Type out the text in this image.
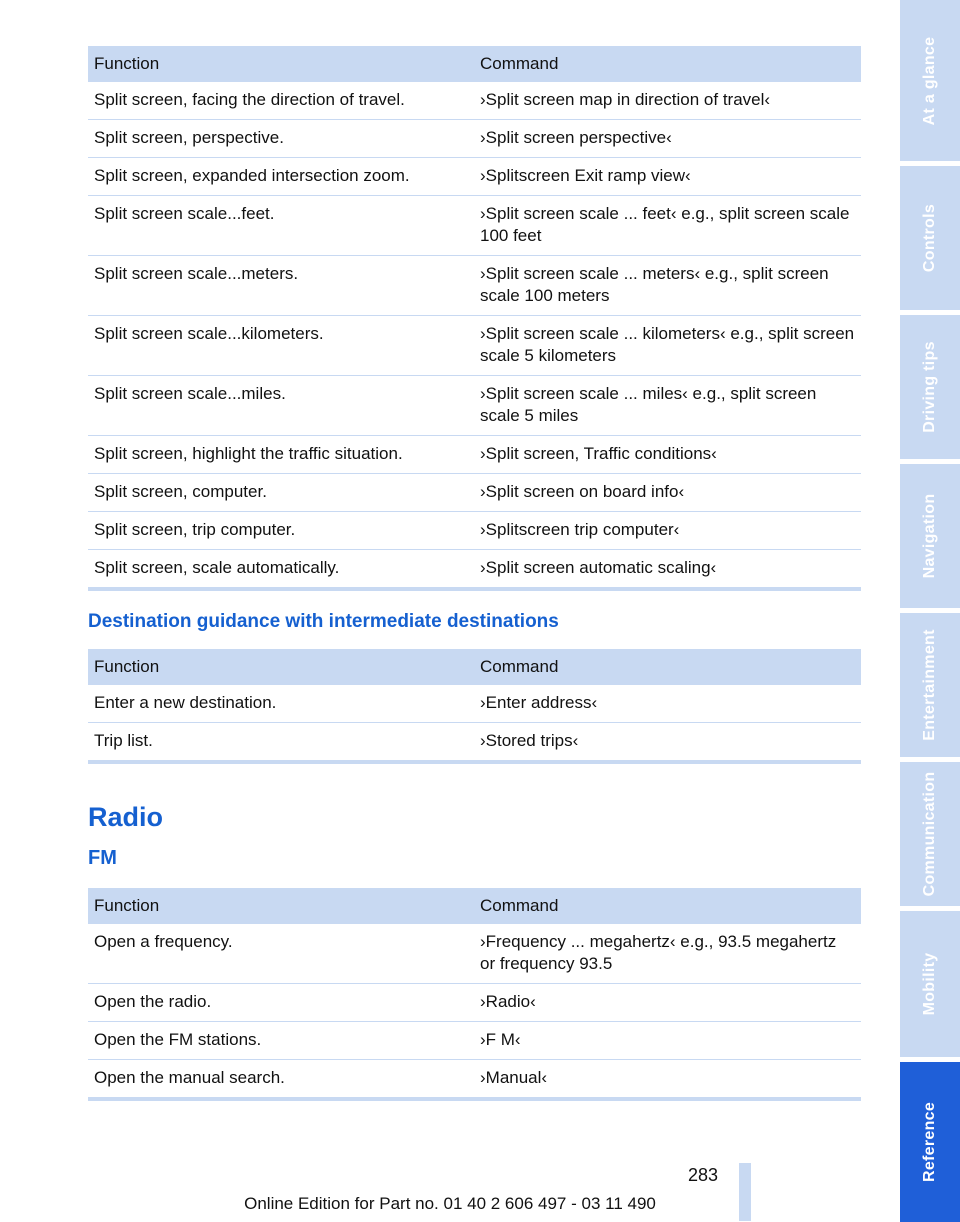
Function	Command
Split screen, facing the direction of travel.	›Split screen map in direction of travel‹
Split screen, perspective.	›Split screen perspective‹
Split screen, expanded intersection zoom.	›Splitscreen Exit ramp view‹
Split screen scale...feet.	›Split screen scale ... feet‹ e.g., split screen scale 100 feet
Split screen scale...meters.	›Split screen scale ... meters‹ e.g., split screen scale 100 meters
Split screen scale...kilometers.	›Split screen scale ... kilometers‹ e.g., split screen scale 5 kilometers
Split screen scale...miles.	›Split screen scale ... miles‹ e.g., split screen scale 5 miles
Split screen, highlight the traffic situation.	›Split screen, Traffic conditions‹
Split screen, computer.	›Split screen on board info‹
Split screen, trip computer.	›Splitscreen trip computer‹
Split screen, scale automatically.	›Split screen automatic scaling‹

Destination guidance with intermediate destinations

Function	Command
Enter a new destination.	›Enter address‹
Trip list.	›Stored trips‹

Radio

FM

Function	Command
Open a frequency.	›Frequency ... megahertz‹ e.g., 93.5 megahertz or frequency 93.5
Open the radio.	›Radio‹
Open the FM stations.	›F M‹
Open the manual search.	›Manual‹
At a glance
Controls
Driving tips
Navigation
Entertainment
Communication
Mobility
Reference
283
Online Edition for Part no. 01 40 2 606 497 - 03 11 490
